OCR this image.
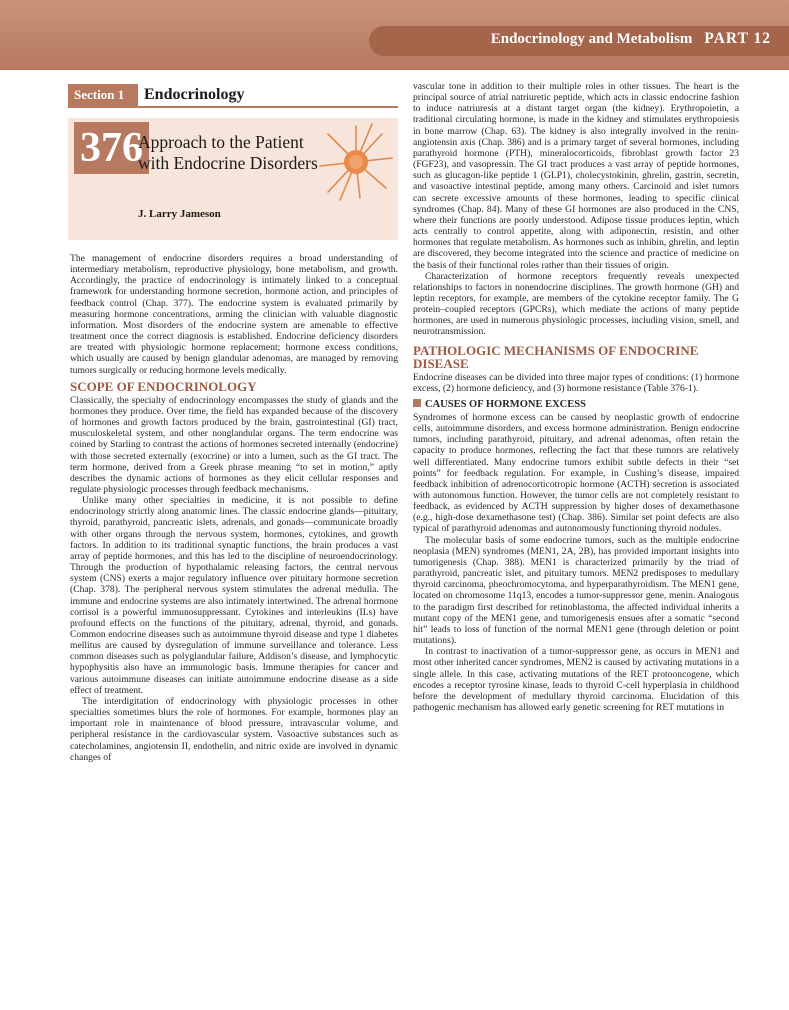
Endocrinology and Metabolism PART 12
Section 1	Endocrinology
376
Approach to the Patient with Endocrine Disorders
J. Larry Jameson

The management of endocrine disorders requires a broad understanding of intermediary metabolism, reproductive physiology, bone metabolism, and growth. Accordingly, the practice of endocrinology is intimately linked to a conceptual framework for understanding hormone secretion, hormone action, and principles of feedback control (Chap. 377). The endocrine system is evaluated primarily by measuring hormone concentrations, arming the clinician with valuable diagnostic information. Most disorders of the endocrine system are amenable to effective treatment once the correct diagnosis is established. Endocrine deficiency disorders are treated with physiologic hormone replacement; hormone excess conditions, which usually are caused by benign glandular adenomas, are managed by removing tumors surgically or reducing hormone levels medically.

SCOPE OF ENDOCRINOLOGY

Classically, the specialty of endocrinology encompasses the study of glands and the hormones they produce. Over time, the field has expanded because of the discovery of hormones and growth factors produced by the brain, gastrointestinal (GI) tract, musculoskeletal system, and other nonglandular organs. The term endocrine was coined by Starling to contrast the actions of hormones secreted internally (endocrine) with those secreted externally (exocrine) or into a lumen, such as the GI tract. The term hormone, derived from a Greek phrase meaning “to set in motion,” aptly describes the dynamic actions of hormones as they elicit cellular responses and regulate physiologic processes through feedback mechanisms.

Unlike many other specialties in medicine, it is not possible to define endocrinology strictly along anatomic lines. The classic endocrine glands—pituitary, thyroid, parathyroid, pancreatic islets, adrenals, and gonads—communicate broadly with other organs through the nervous system, hormones, cytokines, and growth factors. In addition to its traditional synaptic functions, the brain produces a vast array of peptide hormones, and this has led to the discipline of neuroendocrinology. Through the production of hypothalamic releasing factors, the central nervous system (CNS) exerts a major regulatory influence over pituitary hormone secretion (Chap. 378). The peripheral nervous system stimulates the adrenal medulla. The immune and endocrine systems are also intimately intertwined. The adrenal hormone cortisol is a powerful immunosuppressant. Cytokines and interleukins (ILs) have profound effects on the functions of the pituitary, adrenal, thyroid, and gonads. Common endocrine diseases such as autoimmune thyroid disease and type 1 diabetes mellitus are caused by dysregulation of immune surveillance and tolerance. Less common diseases such as polyglandular failure, Addison’s disease, and lymphocytic hypophysitis also have an immunologic basis. Immune therapies for cancer and various autoimmune diseases can initiate autoimmune endocrine disease as a side effect of treatment.

The interdigitation of endocrinology with physiologic processes in other specialties sometimes blurs the role of hormones. For example, hormones play an important role in maintenance of blood pressure, intravascular volume, and peripheral resistance in the cardiovascular system. Vasoactive substances such as catecholamines, angiotensin II, endothelin, and nitric oxide are involved in dynamic changes of

vascular tone in addition to their multiple roles in other tissues. The heart is the principal source of atrial natriuretic peptide, which acts in classic endocrine fashion to induce natriuresis at a distant target organ (the kidney). Erythropoietin, a traditional circulating hormone, is made in the kidney and stimulates erythropoiesis in bone marrow (Chap. 63). The kidney is also integrally involved in the renin-angiotensin axis (Chap. 386) and is a primary target of several hormones, including parathyroid hormone (PTH), mineralocorticoids, fibroblast growth factor 23 (FGF23), and vasopressin. The GI tract produces a vast array of peptide hormones, such as glucagon-like peptide 1 (GLP1), cholecystokinin, ghrelin, gastrin, secretin, and vasoactive intestinal peptide, among many others. Carcinoid and islet tumors can secrete excessive amounts of these hormones, leading to specific clinical syndromes (Chap. 84). Many of these GI hormones are also produced in the CNS, where their functions are poorly understood. Adipose tissue produces leptin, which acts centrally to control appetite, along with adiponectin, resistin, and other hormones that regulate metabolism. As hormones such as inhibin, ghrelin, and leptin are discovered, they become integrated into the science and practice of medicine on the basis of their functional roles rather than their tissues of origin.

Characterization of hormone receptors frequently reveals unexpected relationships to factors in nonendocrine disciplines. The growth hormone (GH) and leptin receptors, for example, are members of the cytokine receptor family. The G protein–coupled receptors (GPCRs), which mediate the actions of many peptide hormones, are used in numerous physiologic processes, including vision, smell, and neurotransmission.

PATHOLOGIC MECHANISMS OF ENDOCRINE DISEASE

Endocrine diseases can be divided into three major types of conditions: (1) hormone excess, (2) hormone deficiency, and (3) hormone resistance (Table 376-1).

CAUSES OF HORMONE EXCESS

Syndromes of hormone excess can be caused by neoplastic growth of endocrine cells, autoimmune disorders, and excess hormone administration. Benign endocrine tumors, including parathyroid, pituitary, and adrenal adenomas, often retain the capacity to produce hormones, reflecting the fact that these tumors are relatively well differentiated. Many endocrine tumors exhibit subtle defects in their “set points” for feedback regulation. For example, in Cushing’s disease, impaired feedback inhibition of adrenocorticotropic hormone (ACTH) secretion is associated with autonomous function. However, the tumor cells are not completely resistant to feedback, as evidenced by ACTH suppression by higher doses of dexamethasone (e.g., high-dose dexamethasone test) (Chap. 386). Similar set point defects are also typical of parathyroid adenomas and autonomously functioning thyroid nodules.

The molecular basis of some endocrine tumors, such as the multiple endocrine neoplasia (MEN) syndromes (MEN1, 2A, 2B), has provided important insights into tumorigenesis (Chap. 388). MEN1 is characterized primarily by the triad of parathyroid, pancreatic islet, and pituitary tumors. MEN2 predisposes to medullary thyroid carcinoma, pheochromocytoma, and hyperparathyroidism. The MEN1 gene, located on chromosome 11q13, encodes a tumor-suppressor gene, menin. Analogous to the paradigm first described for retinoblastoma, the affected individual inherits a mutant copy of the MEN1 gene, and tumorigenesis ensues after a somatic “second hit” leads to loss of function of the normal MEN1 gene (through deletion or point mutations).

In contrast to inactivation of a tumor-suppressor gene, as occurs in MEN1 and most other inherited cancer syndromes, MEN2 is caused by activating mutations in a single allele. In this case, activating mutations of the RET protooncogene, which encodes a receptor tyrosine kinase, leads to thyroid C-cell hyperplasia in childhood before the development of medullary thyroid carcinoma. Elucidation of this pathogenic mechanism has allowed early genetic screening for RET mutations in
